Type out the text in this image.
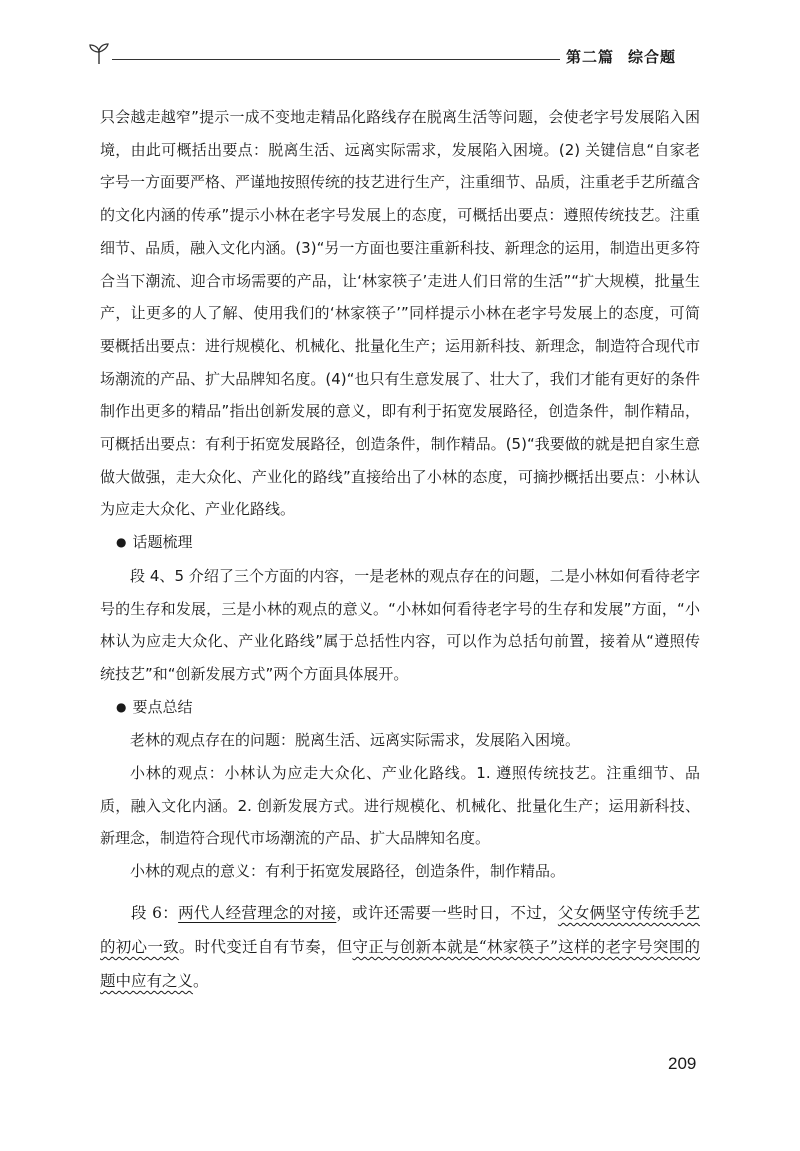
第二篇 综合题

只会越走越窄”提示一成不变地走精品化路线存在脱离生活等问题，会使老字号发展陷入困境，由此可概括出要点：脱离生活、远离实际需求，发展陷入困境。(2) 关键信息“自家老字号一方面要严格、严谨地按照传统的技艺进行生产，注重细节、品质，注重老手艺所蕴含的文化内涵的传承”提示小林在老字号发展上的态度，可概括出要点：遵照传统技艺。注重细节、品质，融入文化内涵。(3)“另一方面也要注重新科技、新理念的运用，制造出更多符合当下潮流、迎合市场需要的产品，让‘林家筷子’走进人们日常的生活”“扩大规模，批量生产，让更多的人了解、使用我们的‘林家筷子’”同样提示小林在老字号发展上的态度，可简要概括出要点：进行规模化、机械化、批量化生产；运用新科技、新理念，制造符合现代市场潮流的产品、扩大品牌知名度。(4)“也只有生意发展了、壮大了，我们才能有更好的条件制作出更多的精品”指出创新发展的意义，即有利于拓宽发展路径，创造条件，制作精品，可概括出要点：有利于拓宽发展路径，创造条件，制作精品。(5)“我要做的就是把自家生意做大做强，走大众化、产业化的路线”直接给出了小林的态度，可摘抄概括出要点：小林认为应走大众化、产业化路线。

● 话题梳理

段 4、5 介绍了三个方面的内容，一是老林的观点存在的问题，二是小林如何看待老字号的生存和发展，三是小林的观点的意义。“小林如何看待老字号的生存和发展”方面，“小林认为应走大众化、产业化路线”属于总括性内容，可以作为总括句前置，接着从“遵照传统技艺”和“创新发展方式”两个方面具体展开。

● 要点总结

老林的观点存在的问题：脱离生活、远离实际需求，发展陷入困境。

小林的观点：小林认为应走大众化、产业化路线。1. 遵照传统技艺。注重细节、品质，融入文化内涵。2. 创新发展方式。进行规模化、机械化、批量化生产；运用新科技、新理念，制造符合现代市场潮流的产品、扩大品牌知名度。

小林的观点的意义：有利于拓宽发展路径，创造条件，制作精品。

段 6：两代人经营理念的对接，或许还需要一些时日，不过，父女俩坚守传统手艺的初心一致。时代变迁自有节奏，但守正与创新本就是“林家筷子”这样的老字号突围的题中应有之义。

209
